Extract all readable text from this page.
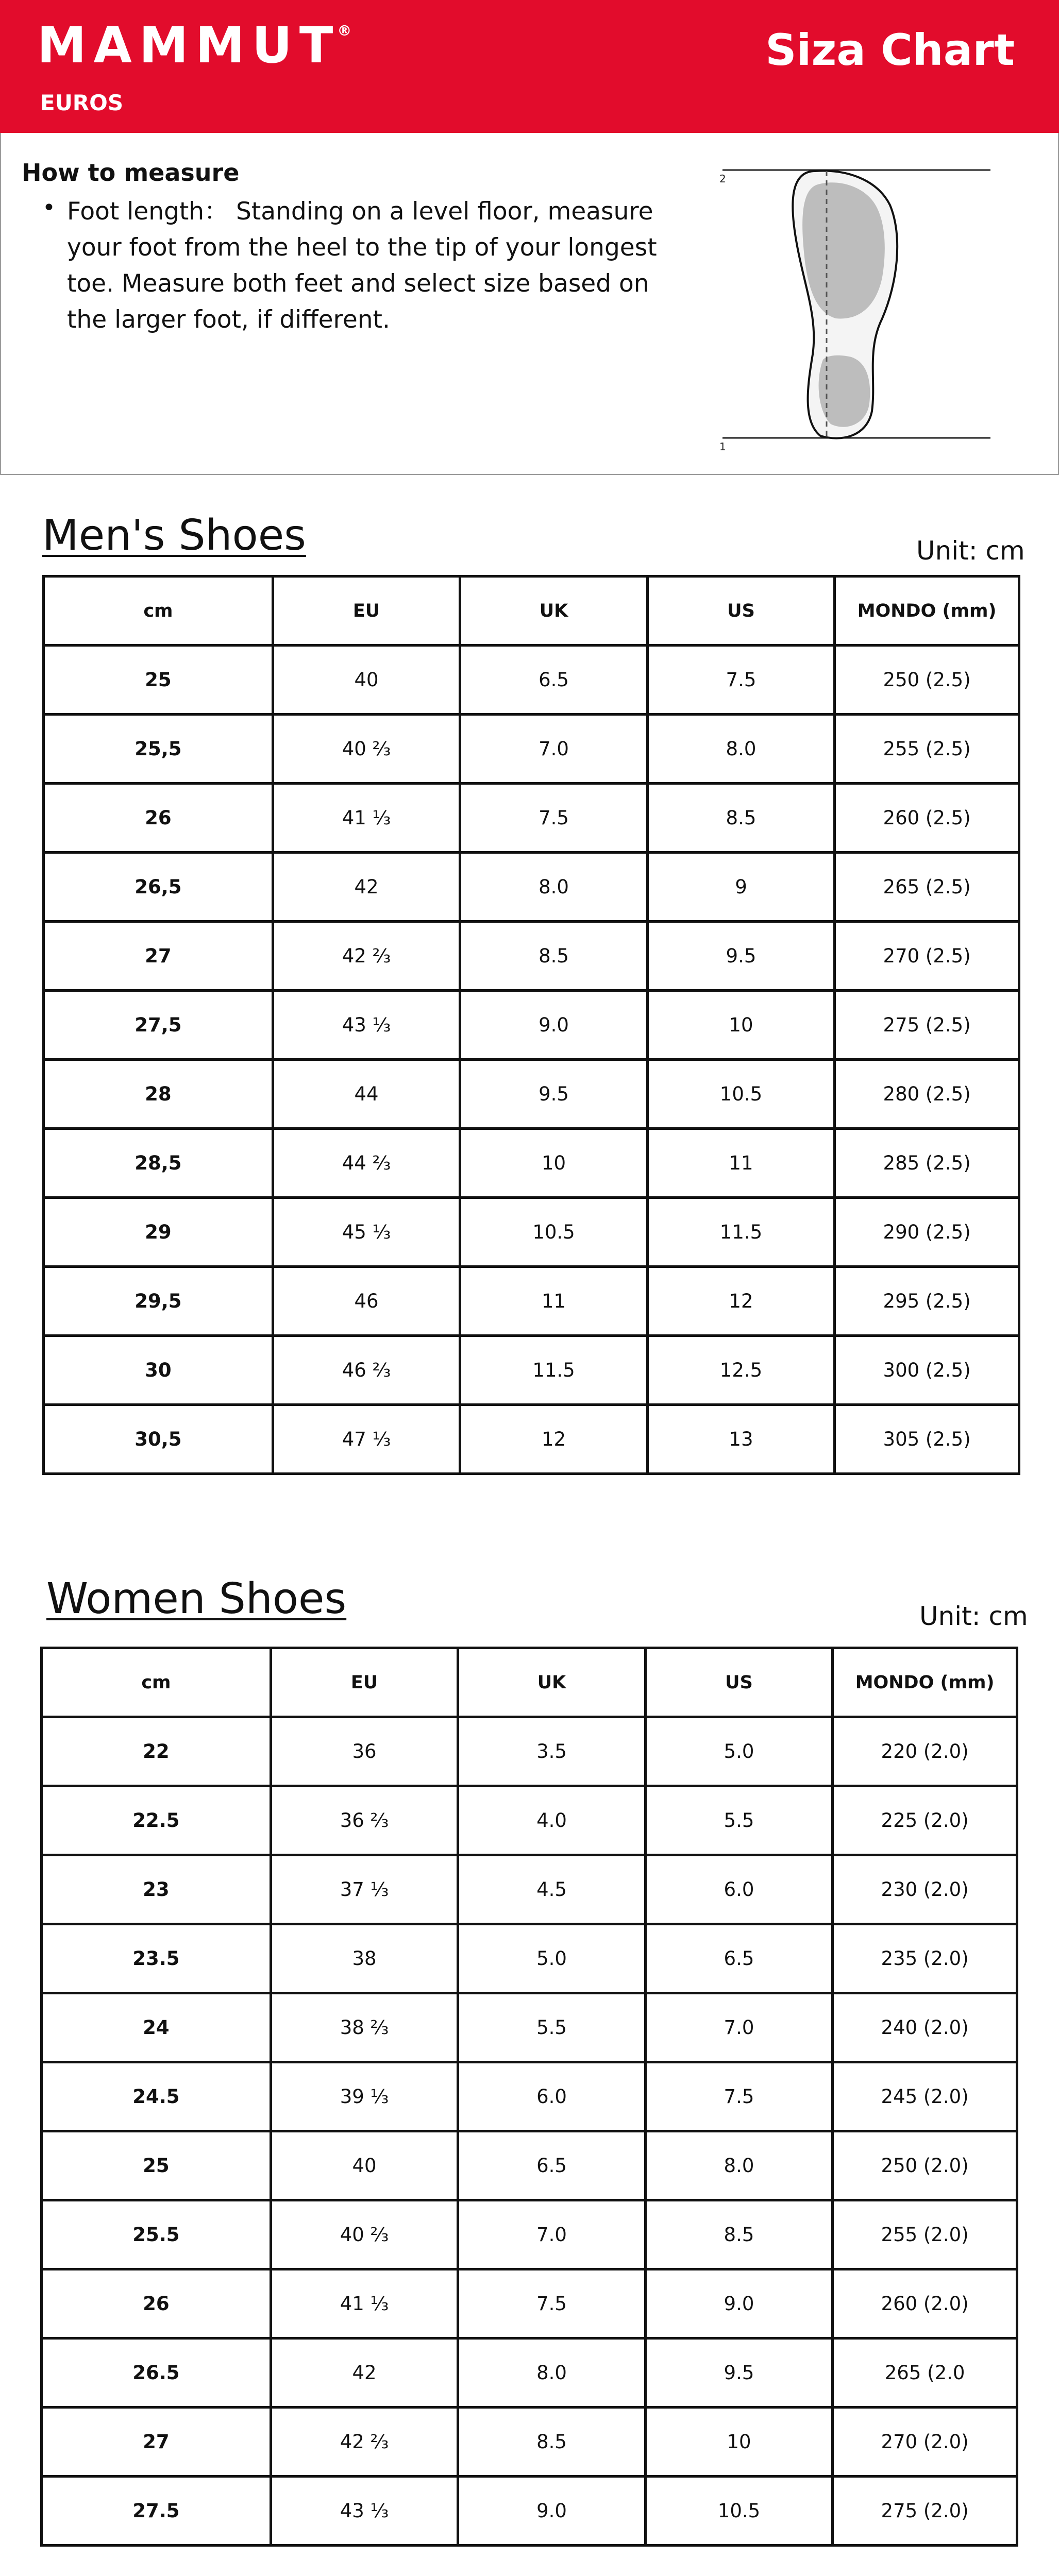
MAMMUT®
EUROS
Siza Chart
How to measure
• Foot length： Standing on a level floor, measure your foot from the heel to the tip of your longest toe. Measure both feet and select size based on the larger foot, if different.
2
1
Men's Shoes	Unit: cm
cm	EU	UK	US	MONDO (mm)
25	40	6.5	7.5	250 (2.5)
25,5	40 ⅔	7.0	8.0	255 (2.5)
26	41 ⅓	7.5	8.5	260 (2.5)
26,5	42	8.0	9	265 (2.5)
27	42 ⅔	8.5	9.5	270 (2.5)
27,5	43 ⅓	9.0	10	275 (2.5)
28	44	9.5	10.5	280 (2.5)
28,5	44 ⅔	10	11	285 (2.5)
29	45 ⅓	10.5	11.5	290 (2.5)
29,5	46	11	12	295 (2.5)
30	46 ⅔	11.5	12.5	300 (2.5)
30,5	47 ⅓	12	13	305 (2.5)
Women Shoes	Unit: cm
cm	EU	UK	US	MONDO (mm)
22	36	3.5	5.0	220 (2.0)
22.5	36 ⅔	4.0	5.5	225 (2.0)
23	37 ⅓	4.5	6.0	230 (2.0)
23.5	38	5.0	6.5	235 (2.0)
24	38 ⅔	5.5	7.0	240 (2.0)
24.5	39 ⅓	6.0	7.5	245 (2.0)
25	40	6.5	8.0	250 (2.0)
25.5	40 ⅔	7.0	8.5	255 (2.0)
26	41 ⅓	7.5	9.0	260 (2.0)
26.5	42	8.0	9.5	265 (2.0
27	42 ⅔	8.5	10	270 (2.0)
27.5	43 ⅓	9.0	10.5	275 (2.0)
